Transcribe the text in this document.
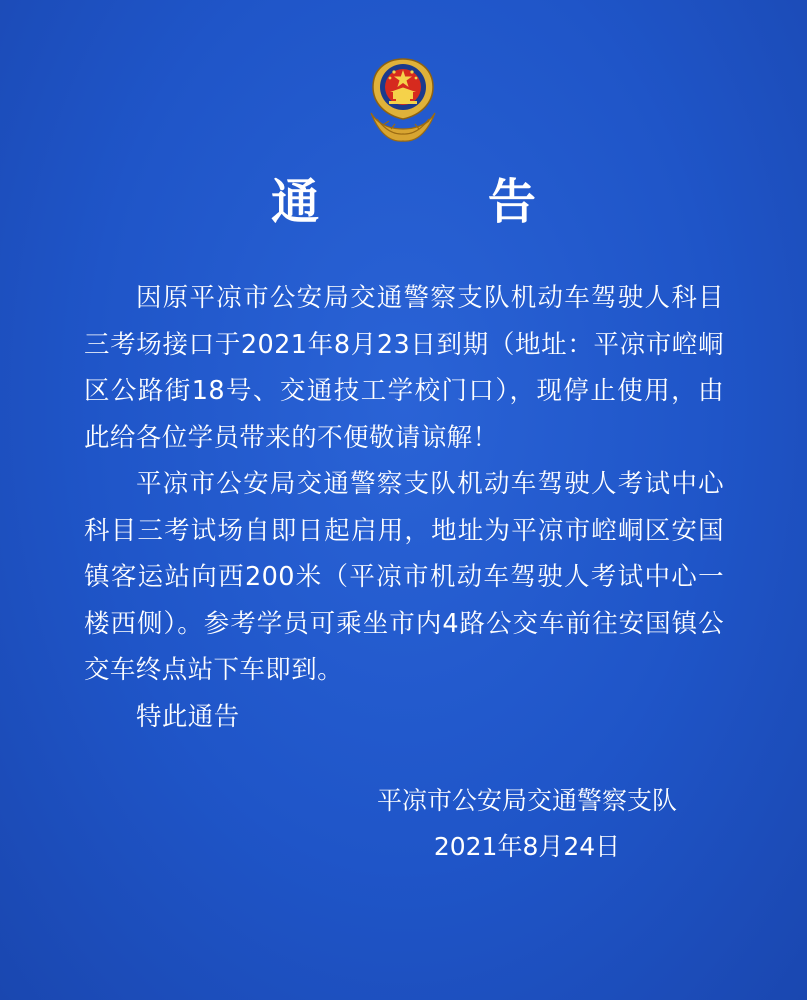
通 告

因原平凉市公安局交通警察支队机动车驾驶人科目三考场接口于2021年8月23日到期（地址：平凉市崆峒区公路街18号、交通技工学校门口），现停止使用，由此给各位学员带来的不便敬请谅解！

平凉市公安局交通警察支队机动车驾驶人考试中心科目三考试场自即日起启用，地址为平凉市崆峒区安国镇客运站向西200米（平凉市机动车驾驶人考试中心一楼西侧）。参考学员可乘坐市内4路公交车前往安国镇公交车终点站下车即到。

特此通告

平凉市公安局交通警察支队
2021年8月24日
